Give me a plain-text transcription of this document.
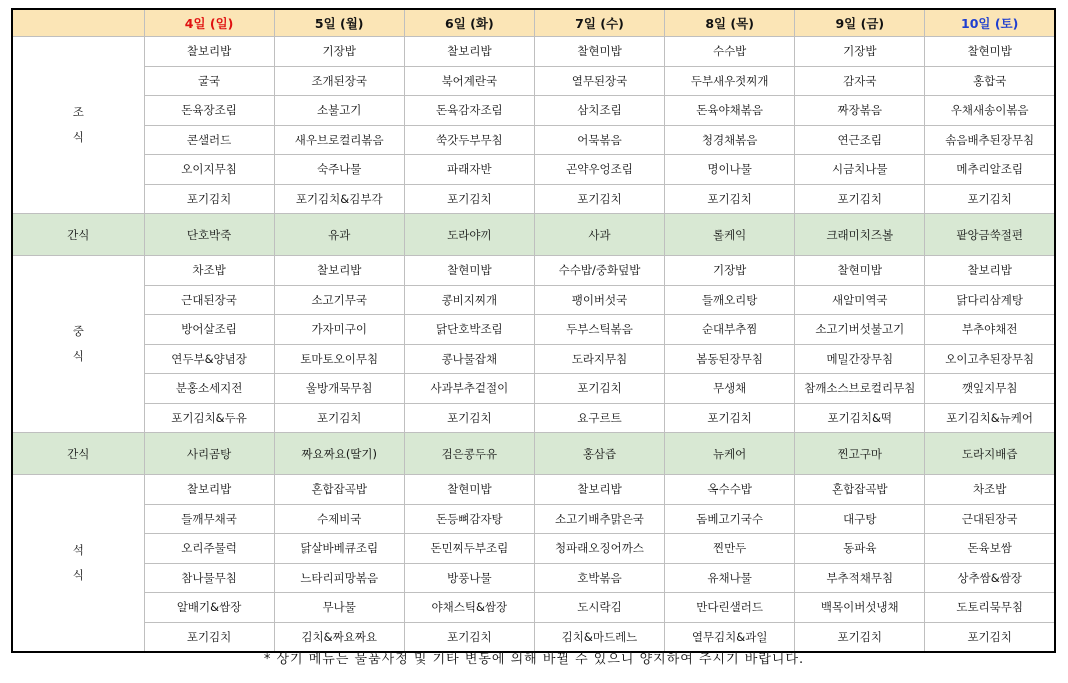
	4일 (일)	5일 (월)	6일 (화)	7일 (수)	8일 (목)	9일 (금)	10일 (토)

조
식	찰보리밥	기장밥	찰보리밥	찰현미밥	수수밥	기장밥	찰현미밥
	굴국	조개된장국	북어계란국	열무된장국	두부새우젓찌개	감자국	홍합국
	돈육장조림	소불고기	돈육감자조림	삼치조림	돈육야채볶음	짜장볶음	우채새송이볶음
	콘샐러드	새우브로컬리볶음	쑥갓두부무침	어묵볶음	청경채볶음	연근조림	솎음배추된장무침
	오이지무침	숙주나물	파래자반	곤약우엉조림	명이나물	시금치나물	메추리알조림
	포기김치	포기김치&김부각	포기김치	포기김치	포기김치	포기김치	포기김치
간식	단호박죽	유과	도라야끼	사과	롤케익	크래미치즈볼	팥앙금쑥절편

중
식	차조밥	찰보리밥	찰현미밥	수수밥/중화덮밥	기장밥	찰현미밥	찰보리밥
	근대된장국	소고기무국	콩비지찌개	팽이버섯국	들깨오리탕	새알미역국	닭다리삼계탕
	방어살조림	가자미구이	닭단호박조림	두부스틱볶음	순대부추찜	소고기버섯불고기	부추야채전
	연두부&양념장	토마토오이무침	콩나물잡채	도라지무침	봄동된장무침	메밀간장무침	오이고추된장무침
	분홍소세지전	울방개묵무침	사과부추겉절이	포기김치	무생채	참깨소스브로컬리무침	깻잎지무침
	포기김치&두유	포기김치	포기김치	요구르트	포기김치	포기김치&떡	포기김치&뉴케어
간식	사리곰탕	짜요짜요(딸기)	검은콩두유	홍삼즙	뉴케어	찐고구마	도라지배즙

석
식	찰보리밥	혼합잡곡밥	찰현미밥	찰보리밥	옥수수밥	혼합잡곡밥	차조밥
	들깨무채국	수제비국	돈등뼈감자탕	소고기배추맑은국	돔베고기국수	대구탕	근대된장국
	오리주물럭	닭살바베큐조림	돈민찌두부조림	청파래오징어까스	찐만두	동파육	돈육보쌈
	참나물무침	느타리피망볶음	방풍나물	호박볶음	유채나물	부추적채무침	상추쌈&쌈장
	알배기&쌈장	무나물	야채스틱&쌈장	도시락김	만다린샐러드	백목이버섯냉채	도토리묵무침
	포기김치	김치&짜요짜요	포기김치	김치&마드레느	열무김치&과일	포기김치	포기김치
* 상기 메뉴는 물품사정 및 기타 변동에 의해 바뀔 수 있으니 양지하여 주시기 바랍니다.
